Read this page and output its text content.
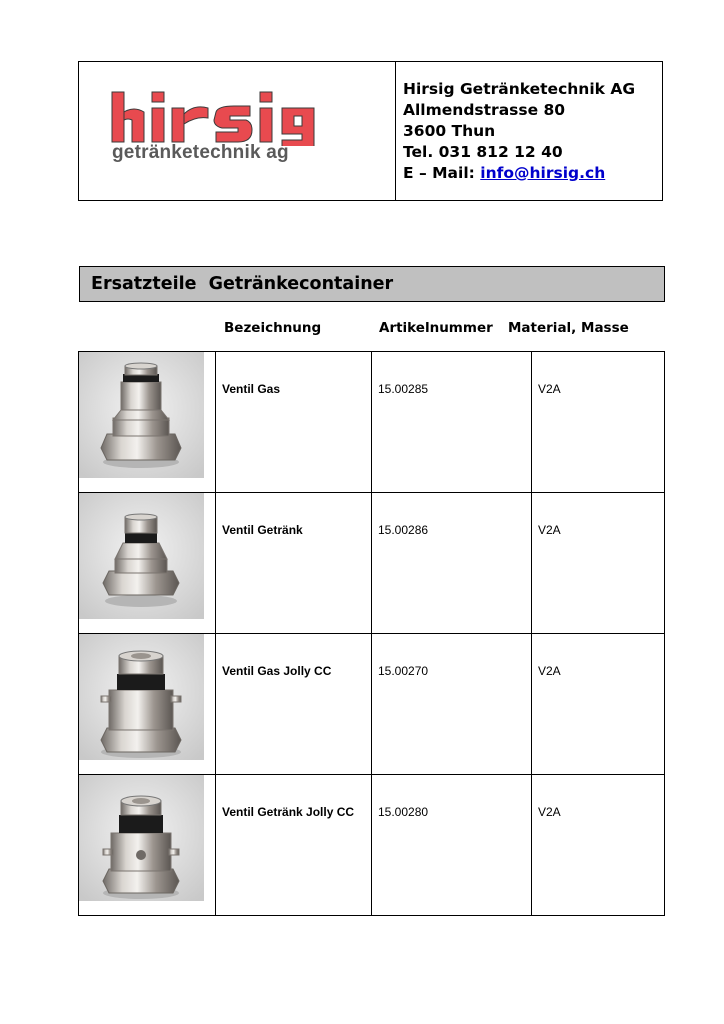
getränketechnik ag
Hirsig Getränketechnik AG
Allmendstrasse 80
3600 Thun
Tel. 031 812 12 40
E – Mail: info@hirsig.ch
Ersatzteile  Getränkecontainer
Bezeichnung	Artikelnummer Material, Masse

Ventil Gas	15.00285	V2A

Ventil Getränk	15.00286	V2A

Ventil Gas Jolly CC	15.00270	V2A

Ventil Getränk Jolly CC	15.00280	V2A
